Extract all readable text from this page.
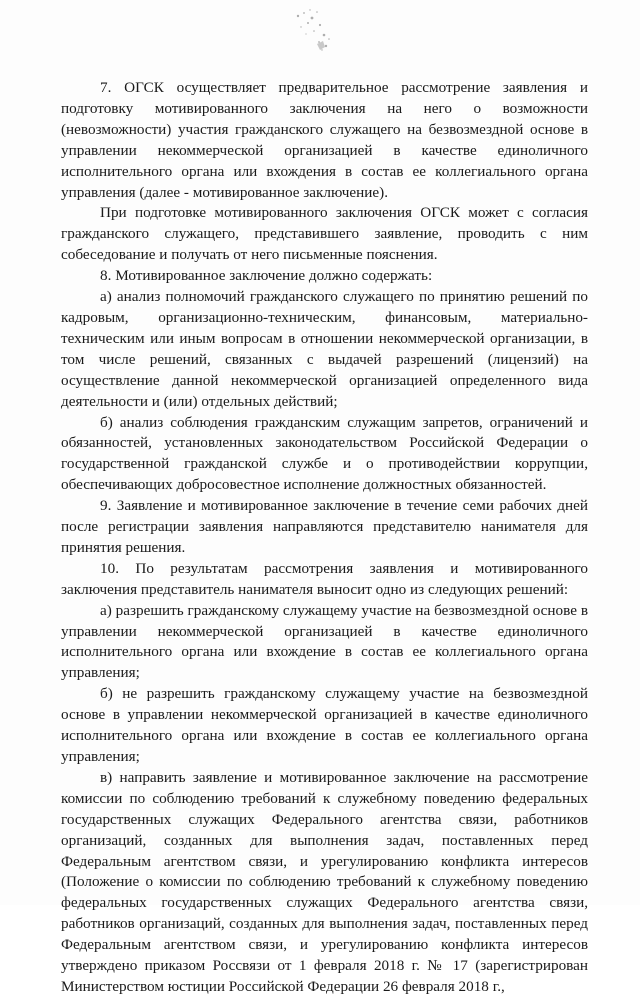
7. ОГСК осуществляет предварительное рассмотрение заявления и подготовку мотивированного заключения на него о возможности (невозможности) участия гражданского служащего на безвозмездной основе в управлении некоммерческой организацией в качестве единоличного исполнительного органа или вхождения в состав ее коллегиального органа управления (далее - мотивированное заключение).

При подготовке мотивированного заключения ОГСК может с согласия гражданского служащего, представившего заявление, проводить с ним собеседование и получать от него письменные пояснения.

8. Мотивированное заключение должно содержать:

а) анализ полномочий гражданского служащего по принятию решений по кадровым, организационно-техническим, финансовым, материально-техническим или иным вопросам в отношении некоммерческой организации, в том числе решений, связанных с выдачей разрешений (лицензий) на осуществление данной некоммерческой организацией определенного вида деятельности и (или) отдельных действий;

б) анализ соблюдения гражданским служащим запретов, ограничений и обязанностей, установленных законодательством Российской Федерации о государственной гражданской службе и о противодействии коррупции, обеспечивающих добросовестное исполнение должностных обязанностей.

9. Заявление и мотивированное заключение в течение семи рабочих дней после регистрации заявления направляются представителю нанимателя для принятия решения.

10. По результатам рассмотрения заявления и мотивированного заключения представитель нанимателя выносит одно из следующих решений:

а) разрешить гражданскому служащему участие на безвозмездной основе в управлении некоммерческой организацией в качестве единоличного исполнительного органа или вхождение в состав ее коллегиального органа управления;

б) не разрешить гражданскому служащему участие на безвозмездной основе в управлении некоммерческой организацией в качестве единоличного исполнительного органа или вхождение в состав ее коллегиального органа управления;

в) направить заявление и мотивированное заключение на рассмотрение комиссии по соблюдению требований к служебному поведению федеральных государственных служащих Федерального агентства связи, работников организаций, созданных для выполнения задач, поставленных перед Федеральным агентством связи, и урегулированию конфликта интересов (Положение о комиссии по соблюдению требований к служебному поведению федеральных государственных служащих Федерального агентства связи, работников организаций, созданных для выполнения задач, поставленных перед Федеральным агентством связи, и урегулированию конфликта интересов утверждено приказом Россвязи от 1 февраля 2018 г. № 17 (зарегистрирован Министерством юстиции Российской Федерации 26 февраля 2018 г.,
